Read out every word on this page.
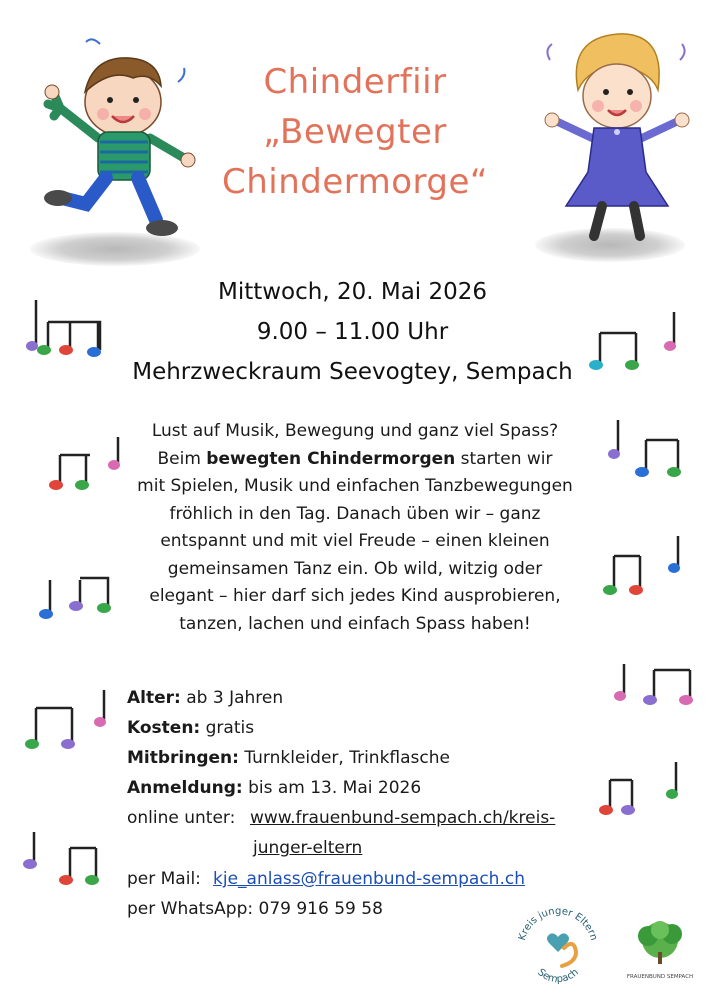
Chinderfiir
„Bewegter
Chindermorge“
Mittwoch, 20. Mai 2026
9.00 – 11.00 Uhr
Mehrzweckraum Seevogtey, Sempach
Lust auf Musik, Bewegung und ganz viel Spass?
Beim bewegten Chindermorgen starten wir
mit Spielen, Musik und einfachen Tanzbewegungen
fröhlich in den Tag. Danach üben wir – ganz
entspannt und mit viel Freude – einen kleinen
gemeinsamen Tanz ein. Ob wild, witzig oder
elegant – hier darf sich jedes Kind ausprobieren,
tanzen, lachen und einfach Spass haben!
Alter: ab 3 Jahren
Kosten: gratis
Mitbringen: Turnkleider, Trinkflasche
Anmeldung: bis am 13. Mai 2026
online unter: www.frauenbund-sempach.ch/kreis-
junger-eltern
per Mail: kje_anlass@frauenbund-sempach.ch
per WhatsApp: 079 916 59 58
Kreis junger Eltern
Sempach	FRAUENBUND SEMPACH
